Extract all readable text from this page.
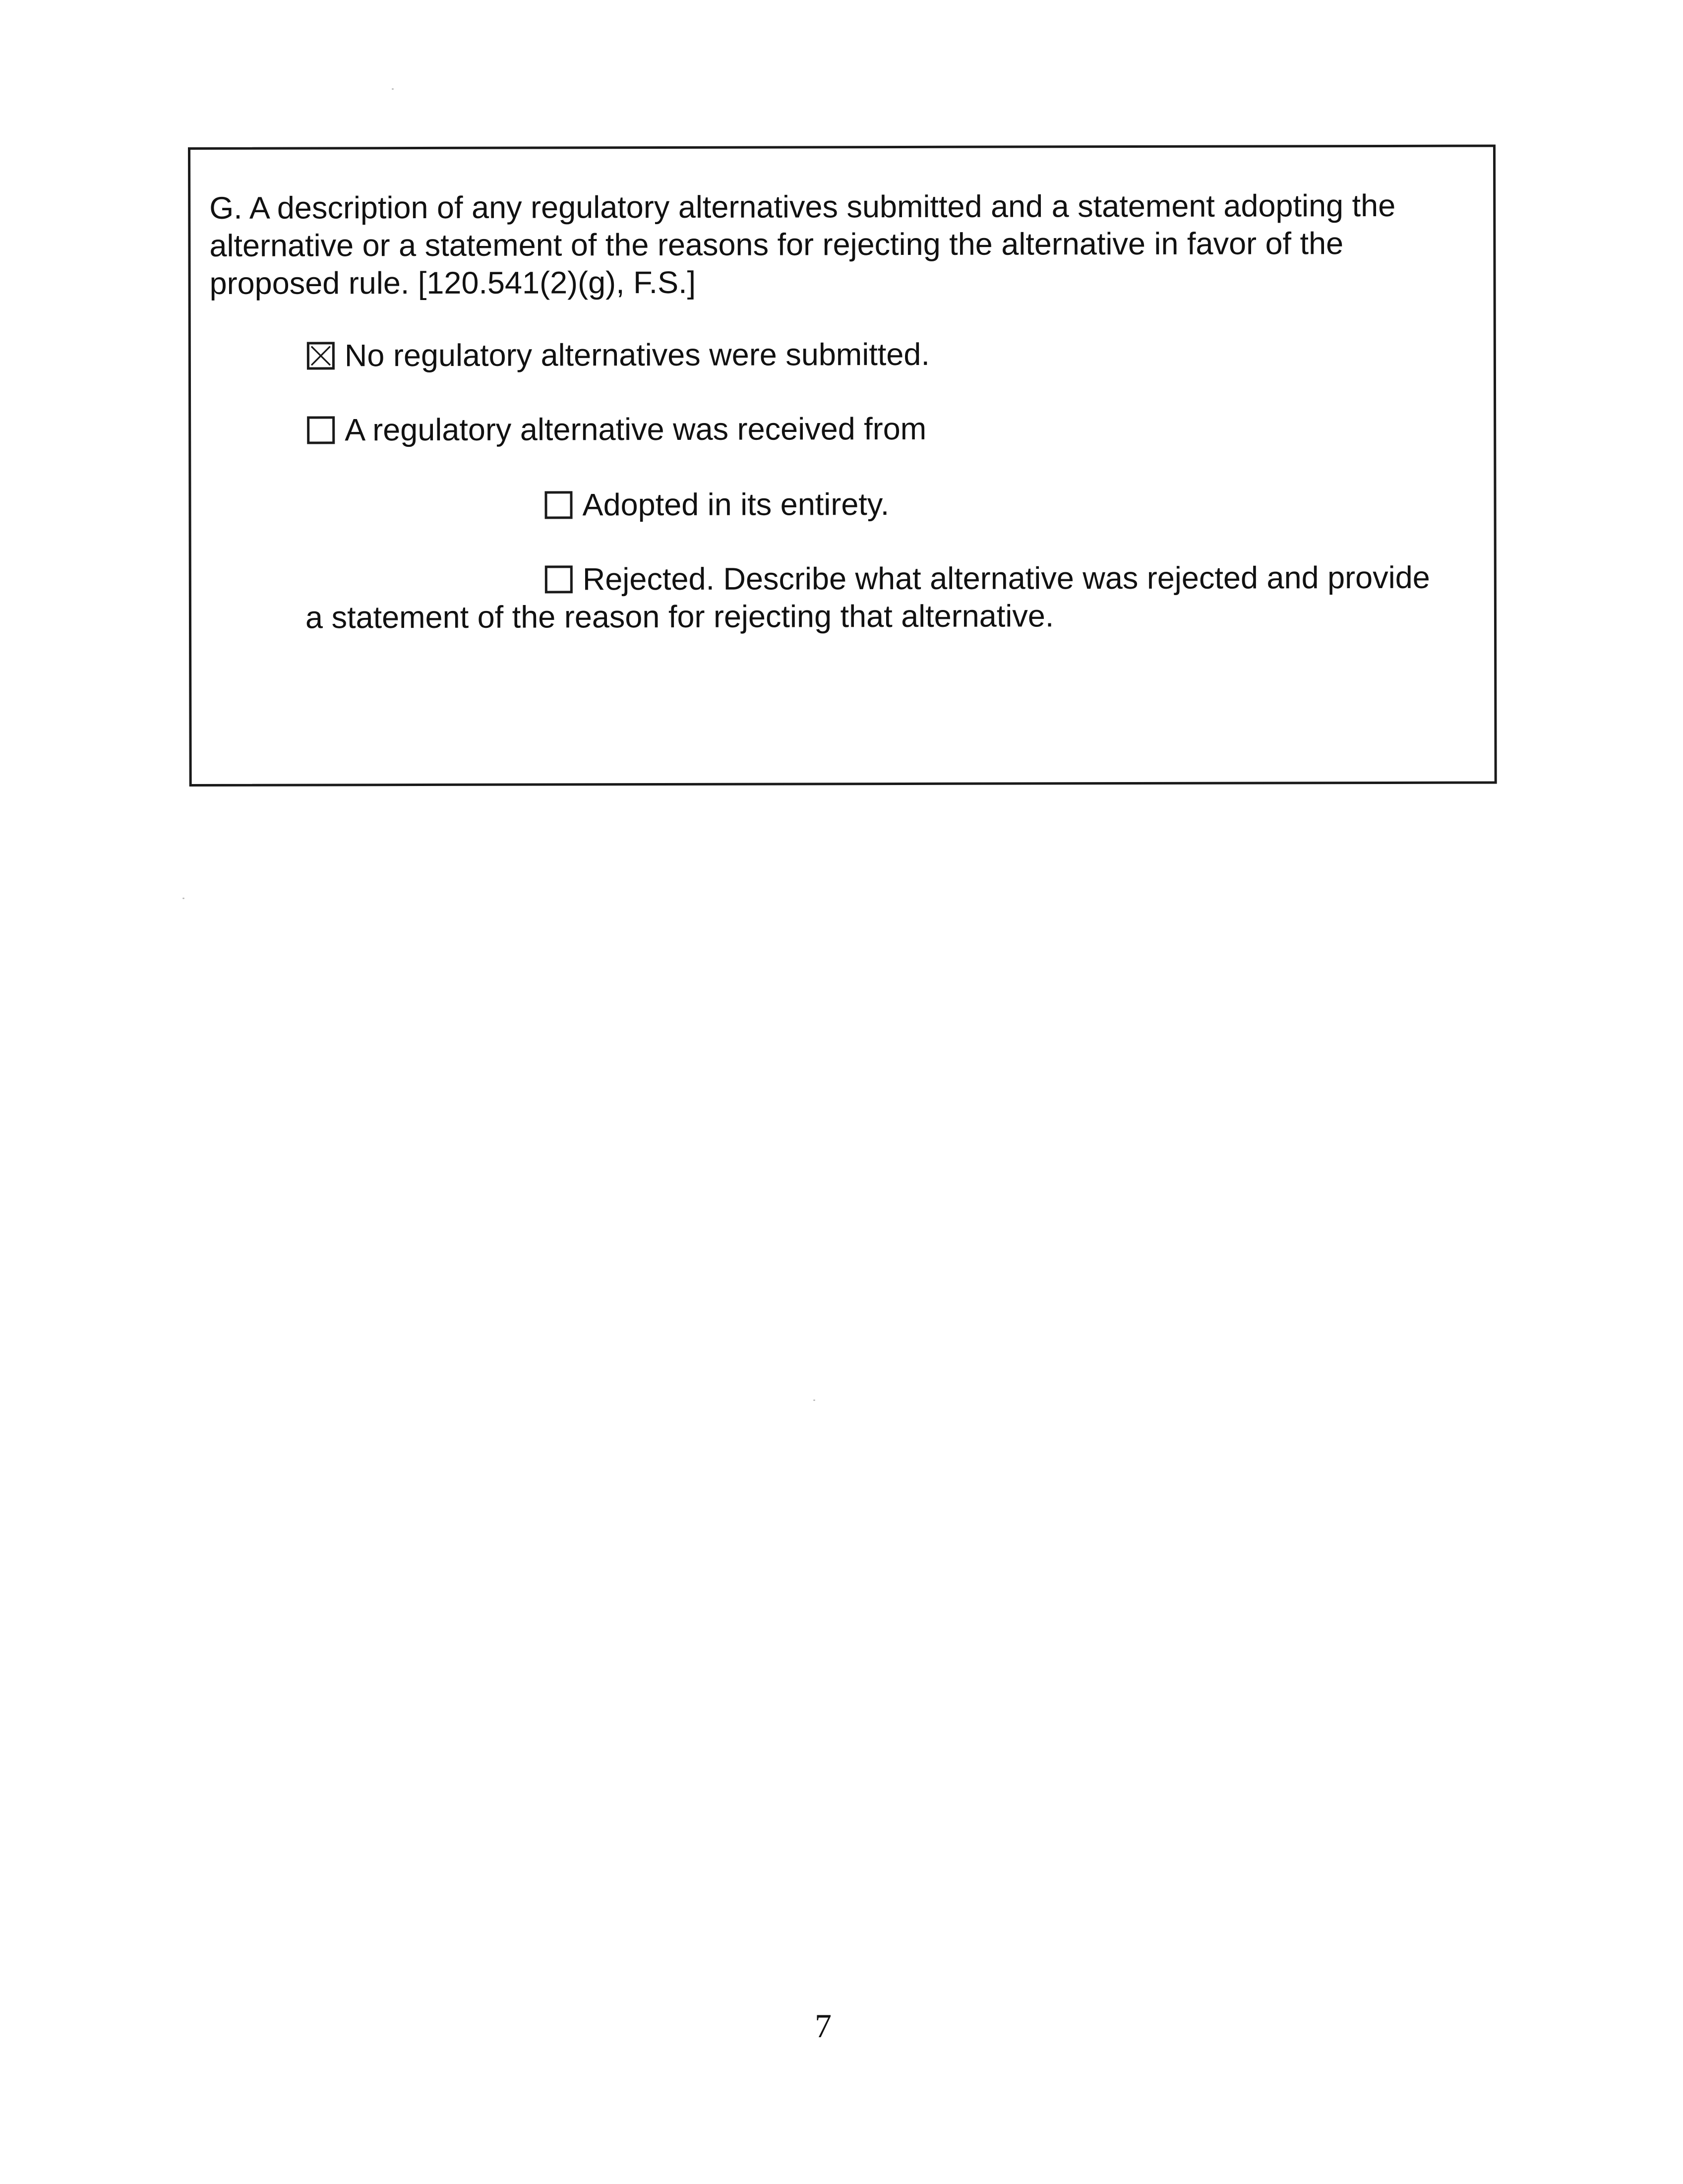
G. A description of any regulatory alternatives submitted and a statement adopting the alternative or a statement of the reasons for rejecting the alternative in favor of the proposed rule. [120.541(2)(g), F.S.]

No regulatory alternatives were submitted.
A regulatory alternative was received from
Adopted in its entirety.
Rejected. Describe what alternative was rejected and provide
a statement of the reason for rejecting that alternative.
7
